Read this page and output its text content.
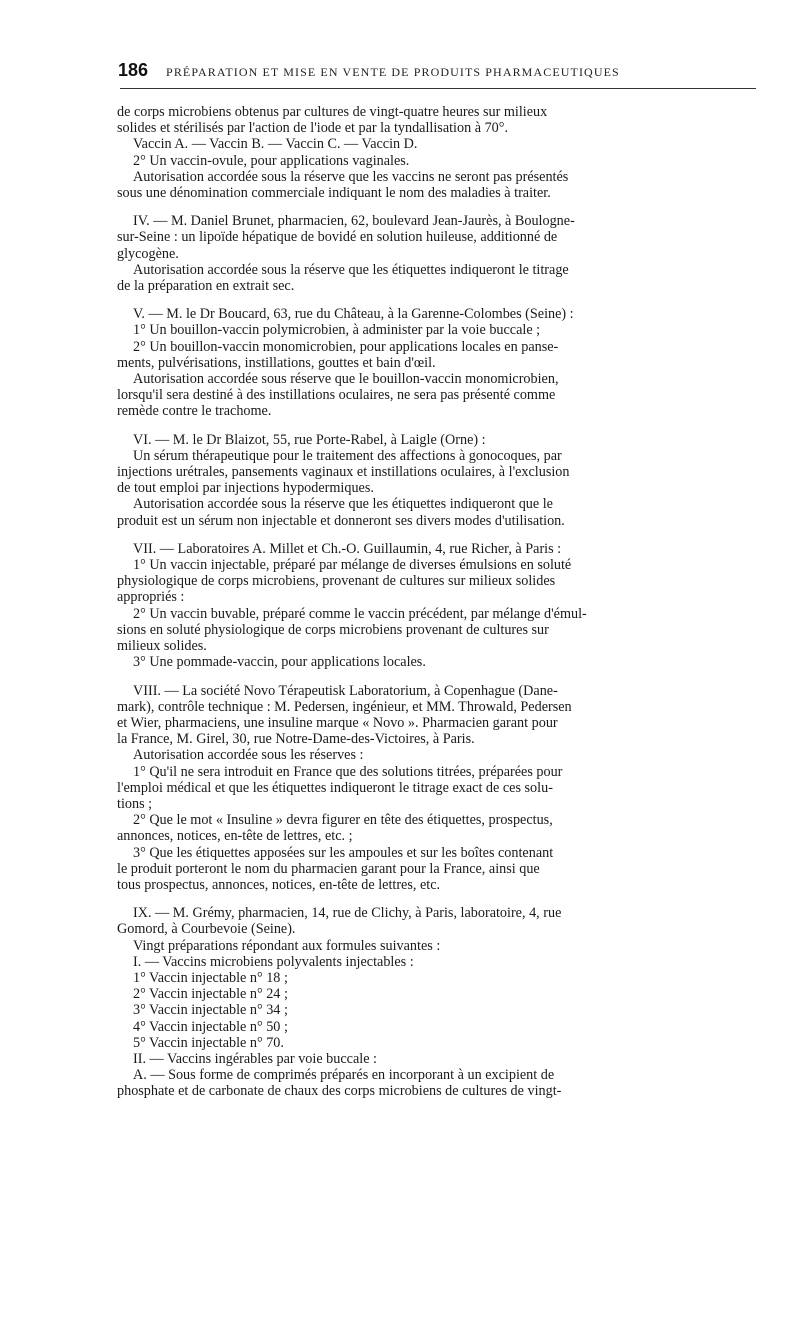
186 PRÉPARATION ET MISE EN VENTE DE PRODUITS PHARMACEUTIQUES

de corps microbiens obtenus par cultures de vingt-quatre heures sur milieux

solides et stérilisés par l'action de l'iode et par la tyndallisation à 70°.

Vaccin A. — Vaccin B. — Vaccin C. — Vaccin D.

2° Un vaccin-ovule, pour applications vaginales.

Autorisation accordée sous la réserve que les vaccins ne seront pas présentés

sous une dénomination commerciale indiquant le nom des maladies à traiter.

IV. — M. Daniel Brunet, pharmacien, 62, boulevard Jean-Jaurès, à Boulogne-

sur-Seine : un lipoïde hépatique de bovidé en solution huileuse, additionné de

glycogène.

Autorisation accordée sous la réserve que les étiquettes indiqueront le titrage

de la préparation en extrait sec.

V. — M. le Dr Boucard, 63, rue du Château, à la Garenne-Colombes (Seine) :

1° Un bouillon-vaccin polymicrobien, à administer par la voie buccale ;

2° Un bouillon-vaccin monomicrobien, pour applications locales en panse-

ments, pulvérisations, instillations, gouttes et bain d'œil.

Autorisation accordée sous réserve que le bouillon-vaccin monomicrobien,

lorsqu'il sera destiné à des instillations oculaires, ne sera pas présenté comme

remède contre le trachome.

VI. — M. le Dr Blaizot, 55, rue Porte-Rabel, à Laigle (Orne) :

Un sérum thérapeutique pour le traitement des affections à gonocoques, par

injections urétrales, pansements vaginaux et instillations oculaires, à l'exclusion

de tout emploi par injections hypodermiques.

Autorisation accordée sous la réserve que les étiquettes indiqueront que le

produit est un sérum non injectable et donneront ses divers modes d'utilisation.

VII. — Laboratoires A. Millet et Ch.-O. Guillaumin, 4, rue Richer, à Paris :

1° Un vaccin injectable, préparé par mélange de diverses émulsions en soluté

physiologique de corps microbiens, provenant de cultures sur milieux solides

appropriés :

2° Un vaccin buvable, préparé comme le vaccin précédent, par mélange d'émul-

sions en soluté physiologique de corps microbiens provenant de cultures sur

milieux solides.

3° Une pommade-vaccin, pour applications locales.

VIII. — La société Novo Térapeutisk Laboratorium, à Copenhague (Dane-

mark), contrôle technique : M. Pedersen, ingénieur, et MM. Throwald, Pedersen

et Wier, pharmaciens, une insuline marque « Novo ». Pharmacien garant pour

la France, M. Girel, 30, rue Notre-Dame-des-Victoires, à Paris.

Autorisation accordée sous les réserves :

1° Qu'il ne sera introduit en France que des solutions titrées, préparées pour

l'emploi médical et que les étiquettes indiqueront le titrage exact de ces solu-

tions ;

2° Que le mot « Insuline » devra figurer en tête des étiquettes, prospectus,

annonces, notices, en-tête de lettres, etc. ;

3° Que les étiquettes apposées sur les ampoules et sur les boîtes contenant

le produit porteront le nom du pharmacien garant pour la France, ainsi que

tous prospectus, annonces, notices, en-tête de lettres, etc.

IX. — M. Grémy, pharmacien, 14, rue de Clichy, à Paris, laboratoire, 4, rue

Gomord, à Courbevoie (Seine).

Vingt préparations répondant aux formules suivantes :

I. — Vaccins microbiens polyvalents injectables :

1° Vaccin injectable n° 18 ;

2° Vaccin injectable n° 24 ;

3° Vaccin injectable n° 34 ;

4° Vaccin injectable n° 50 ;

5° Vaccin injectable n° 70.

II. — Vaccins ingérables par voie buccale :

A. — Sous forme de comprimés préparés en incorporant à un excipient de

phosphate et de carbonate de chaux des corps microbiens de cultures de vingt-
